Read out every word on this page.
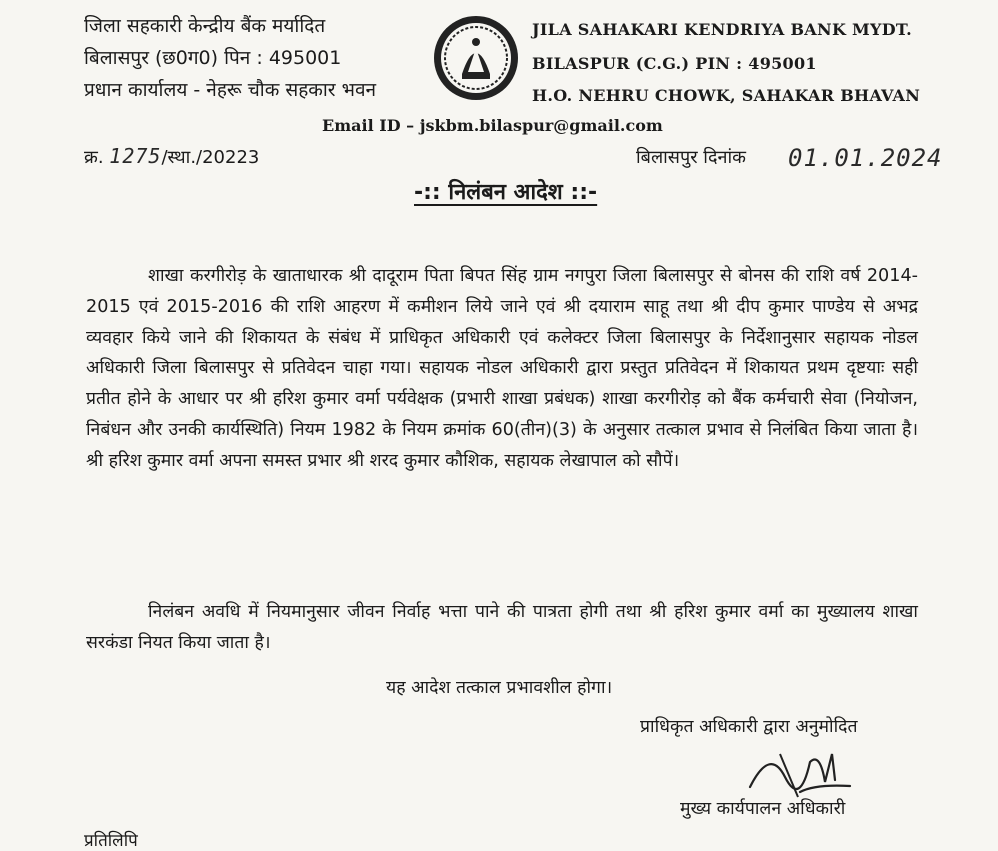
जिला सहकारी केन्द्रीय बैंक मर्यादित
बिलासपुर (छ0ग0) पिन : 495001
प्रधान कार्यालय - नेहरू चौक सहकार भवन
JILA SAHAKARI KENDRIYA BANK MYDT.
BILASPUR (C.G.) PIN : 495001
H.O. NEHRU CHOWK, SAHAKAR BHAVAN
Email ID – jskbm.bilaspur@gmail.com
क्र. 1275/स्था./20223	बिलासपुर दिनांक 01.01.2024
-:: निलंबन आदेश ::-

शाखा करगीरोड़ के खाताधारक श्री दादूराम पिता बिपत सिंह ग्राम नगपुरा जिला बिलासपुर से बोनस की राशि वर्ष 2014-2015 एवं 2015-2016 की राशि आहरण में कमीशन लिये जाने एवं श्री दयाराम साहू तथा श्री दीप कुमार पाण्डेय से अभद्र व्यवहार किये जाने की शिकायत के संबंध में प्राधिकृत अधिकारी एवं कलेक्टर जिला बिलासपुर के निर्देशानुसार सहायक नोडल अधिकारी जिला बिलासपुर से प्रतिवेदन चाहा गया। सहायक नोडल अधिकारी द्वारा प्रस्तुत प्रतिवेदन में शिकायत प्रथम दृष्टयाः सही प्रतीत होने के आधार पर श्री हरिश कुमार वर्मा पर्यवेक्षक (प्रभारी शाखा प्रबंधक) शाखा करगीरोड़ को बैंक कर्मचारी सेवा (नियोजन, निबंधन और उनकी कार्यस्थिति) नियम 1982 के नियम क्रमांक 60(तीन)(3) के अनुसार तत्काल प्रभाव से निलंबित किया जाता है। श्री हरिश कुमार वर्मा अपना समस्त प्रभार श्री शरद कुमार कौशिक, सहायक लेखापाल को सौपें।

निलंबन अवधि में नियमानुसार जीवन निर्वाह भत्ता पाने की पात्रता होगी तथा श्री हरिश कुमार वर्मा का मुख्यालय शाखा सरकंडा नियत किया जाता है।

यह आदेश तत्काल प्रभावशील होगा।
प्राधिकृत अधिकारी द्वारा अनुमोदित
मुख्य कार्यपालन अधिकारी
प्रतिलिपि
